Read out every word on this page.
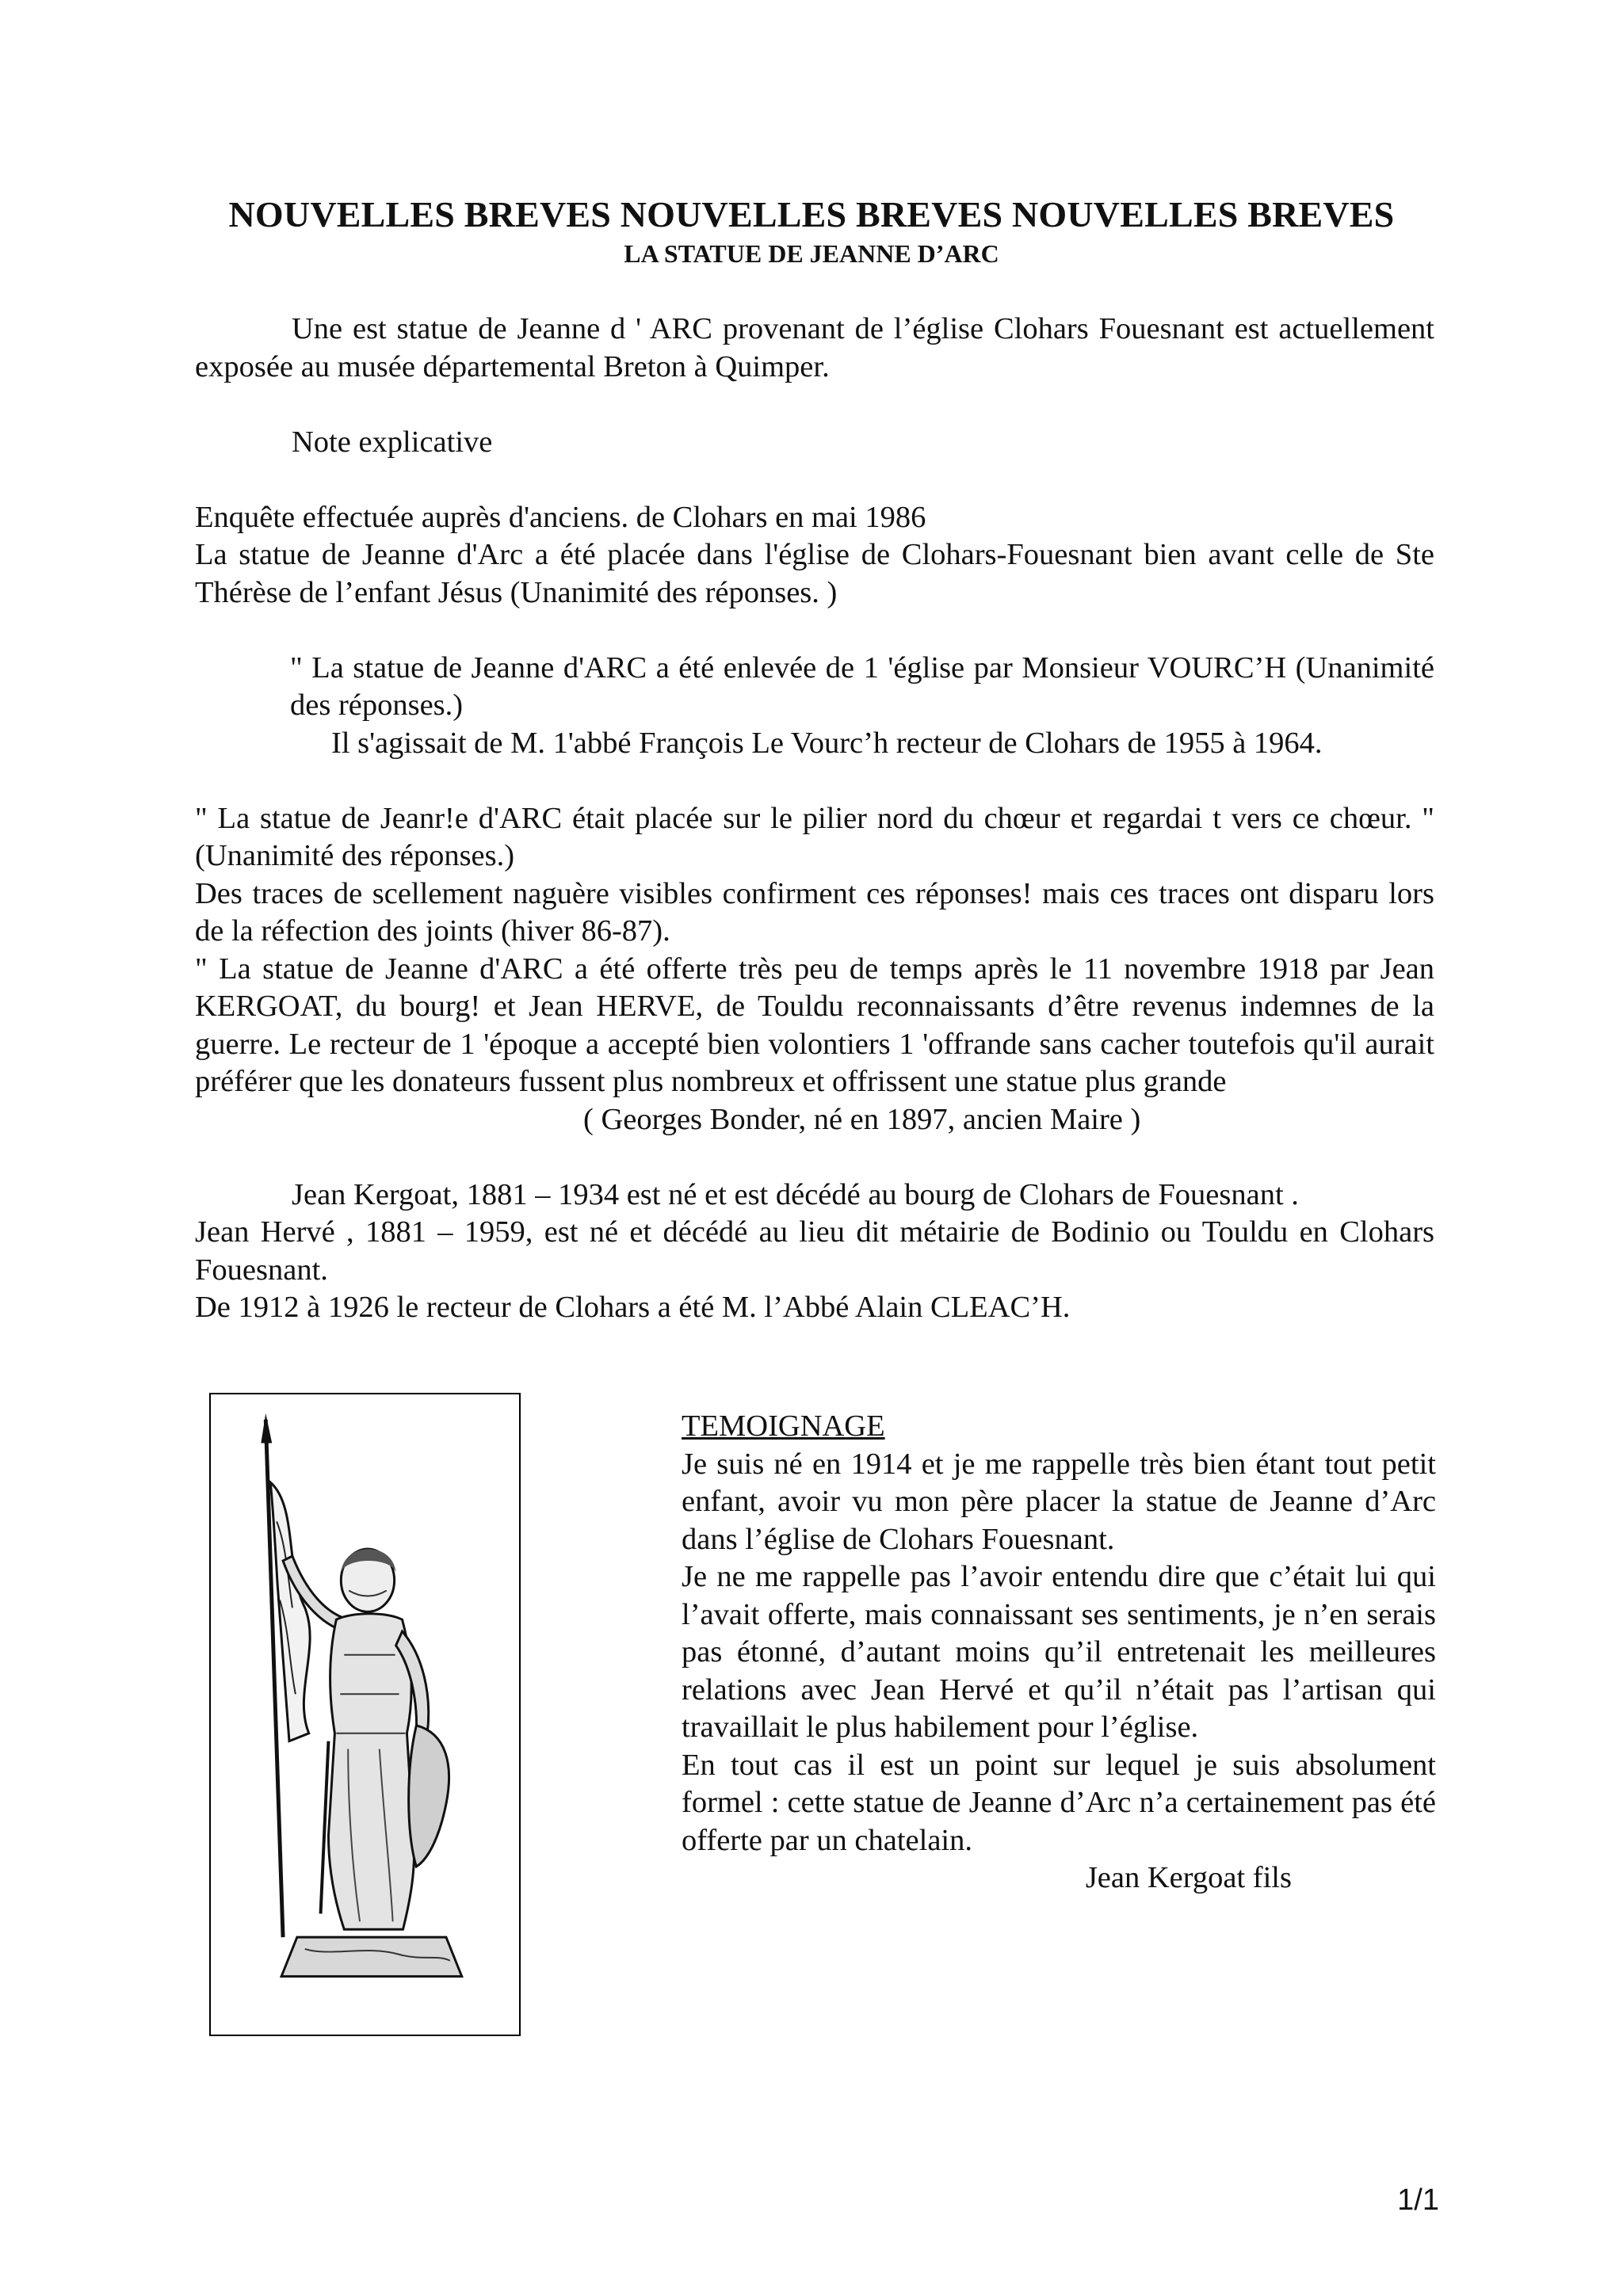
NOUVELLES BREVES NOUVELLES BREVES NOUVELLES BREVES
LA STATUE DE JEANNE D’ARC

Une est statue de Jeanne d ' ARC provenant de l’église Clohars Fouesnant est actuellement exposée au musée départemental Breton à Quimper.

Note explicative

Enquête effectuée auprès d'anciens. de Clohars en mai 1986

La statue de Jeanne d'Arc a été placée dans l'église de Clohars-Fouesnant bien avant celle de Ste Thérèse de l’enfant Jésus (Unanimité des réponses. )

" La statue de Jeanne d'ARC a été enlevée de 1 'église par Monsieur VOURC’H (Unanimité des réponses.)

Il s'agissait de M. 1'abbé François Le Vourc’h recteur de Clohars de 1955 à 1964.

" La statue de Jeanr!e d'ARC était placée sur le pilier nord du chœur et regardai t vers ce chœur. " (Unanimité des réponses.)

Des traces de scellement naguère visibles confirment ces réponses! mais ces traces ont disparu lors de la réfection des joints (hiver 86-87).

" La statue de Jeanne d'ARC a été offerte très peu de temps après le 11 novembre 1918 par Jean KERGOAT, du bourg! et Jean HERVE, de Touldu reconnaissants d’être revenus indemnes de la guerre. Le recteur de 1 'époque a accepté bien volontiers 1 'offrande sans cacher toutefois qu'il aurait préférer que les donateurs fussent plus nombreux et offrissent une statue plus grande

( Georges Bonder, né en 1897, ancien Maire )

Jean Kergoat, 1881 – 1934 est né et est décédé au bourg de Clohars de Fouesnant .

Jean Hervé , 1881 – 1959, est né et décédé au lieu dit métairie de Bodinio ou Touldu en Clohars Fouesnant.

De 1912 à 1926 le recteur de Clohars a été M. l’Abbé Alain CLEAC’H.

TEMOIGNAGE

Je suis né en 1914 et je me rappelle très bien étant tout petit enfant, avoir vu mon père placer la statue de Jeanne d’Arc dans l’église de Clohars Fouesnant.

Je ne me rappelle pas l’avoir entendu dire que c’était lui qui l’avait offerte, mais connaissant ses sentiments, je n’en serais pas étonné, d’autant moins qu’il entretenait les meilleures relations avec Jean Hervé et qu’il n’était pas l’artisan qui travaillait le plus habilement pour l’église.

En tout cas il est un point sur lequel je suis absolument formel : cette statue de Jeanne d’Arc n’a certainement pas été offerte par un chatelain.

Jean Kergoat fils

1/1
